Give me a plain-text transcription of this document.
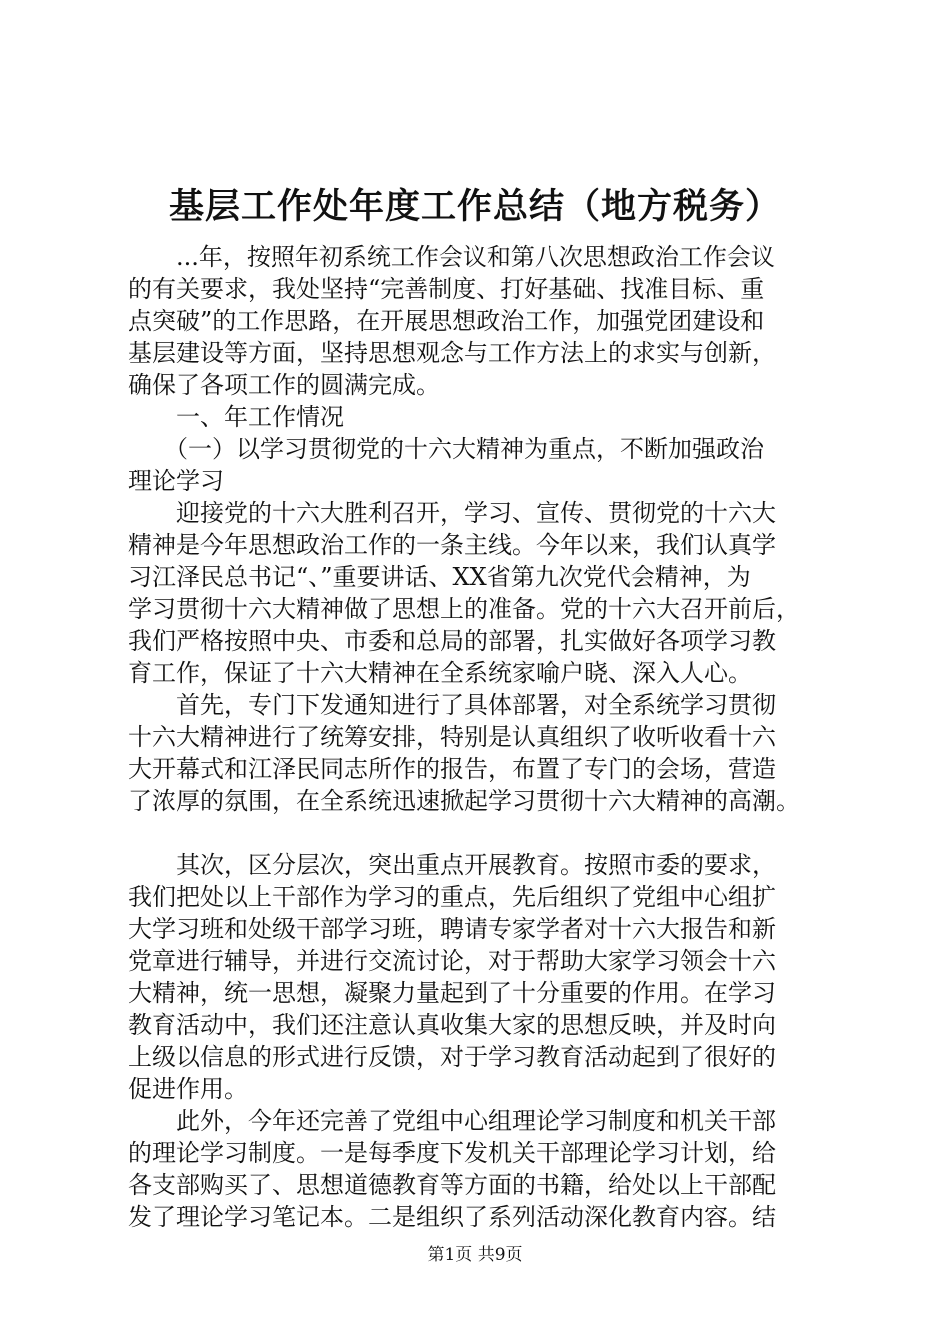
基层工作处年度工作总结（地方税务）

　　...年，按照年初系统工作会议和第八次思想政治工作会议

的有关要求，我处坚持“完善制度、打好基础、找准目标、重

点突破”的工作思路，在开展思想政治工作，加强党团建设和

基层建设等方面，坚持思想观念与工作方法上的求实与创新，

确保了各项工作的圆满完成。

　　一、年工作情况

　　（一）以学习贯彻党的十六大精神为重点，不断加强政治

理论学习

　　迎接党的十六大胜利召开，学习、宣传、贯彻党的十六大

精神是今年思想政治工作的一条主线。今年以来，我们认真学

习江泽民总书记“、”重要讲话、XX省第九次党代会精神，为

学习贯彻十六大精神做了思想上的准备。党的十六大召开前后，

我们严格按照中央、市委和总局的部署，扎实做好各项学习教

育工作，保证了十六大精神在全系统家喻户晓、深入人心。

　　首先，专门下发通知进行了具体部署，对全系统学习贯彻

十六大精神进行了统筹安排，特别是认真组织了收听收看十六

大开幕式和江泽民同志所作的报告，布置了专门的会场，营造

了浓厚的氛围，在全系统迅速掀起学习贯彻十六大精神的高潮。

　　其次，区分层次，突出重点开展教育。按照市委的要求，

我们把处以上干部作为学习的重点，先后组织了党组中心组扩

大学习班和处级干部学习班，聘请专家学者对十六大报告和新

党章进行辅导，并进行交流讨论，对于帮助大家学习领会十六

大精神，统一思想，凝聚力量起到了十分重要的作用。在学习

教育活动中，我们还注意认真收集大家的思想反映，并及时向

上级以信息的形式进行反馈，对于学习教育活动起到了很好的

促进作用。

　　此外，今年还完善了党组中心组理论学习制度和机关干部

的理论学习制度。一是每季度下发机关干部理论学习计划，给

各支部购买了、思想道德教育等方面的书籍，给处以上干部配

发了理论学习笔记本。二是组织了系列活动深化教育内容。结

第1页 共9页
